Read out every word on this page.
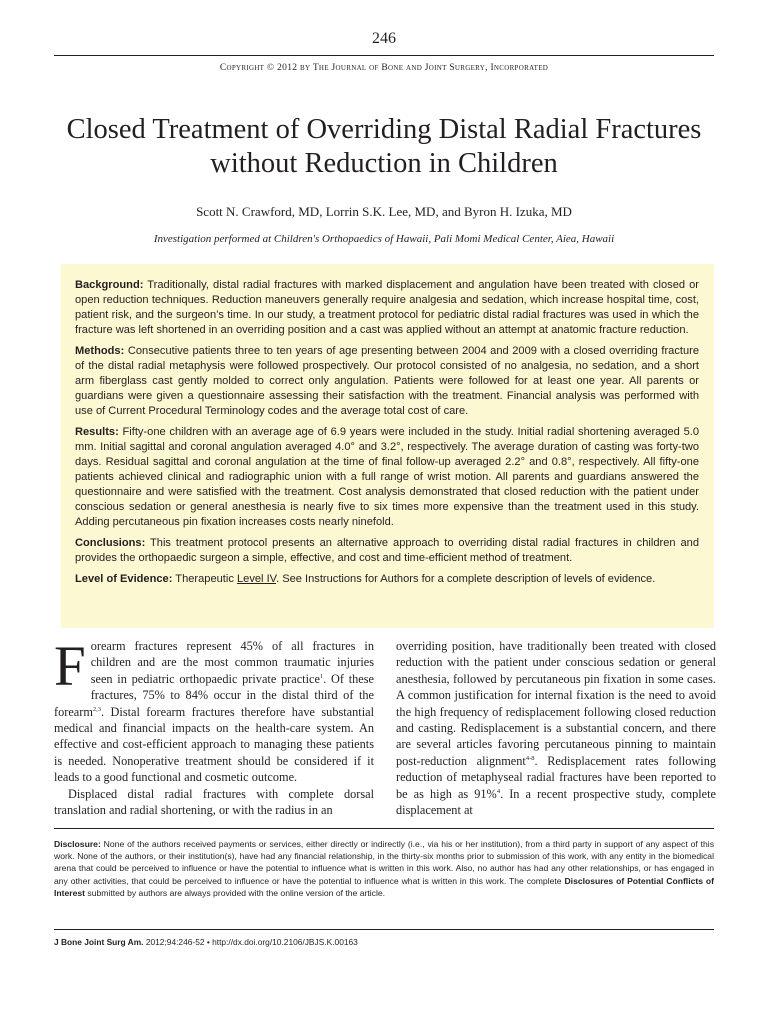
246
Copyright © 2012 by The Journal of Bone and Joint Surgery, Incorporated
Closed Treatment of Overriding Distal Radial Fractures without Reduction in Children
Scott N. Crawford, MD, Lorrin S.K. Lee, MD, and Byron H. Izuka, MD
Investigation performed at Children's Orthopaedics of Hawaii, Pali Momi Medical Center, Aiea, Hawaii

Background: Traditionally, distal radial fractures with marked displacement and angulation have been treated with closed or open reduction techniques. Reduction maneuvers generally require analgesia and sedation, which increase hospital time, cost, patient risk, and the surgeon’s time. In our study, a treatment protocol for pediatric distal radial fractures was used in which the fracture was left shortened in an overriding position and a cast was applied without an attempt at anatomic fracture reduction.

Methods: Consecutive patients three to ten years of age presenting between 2004 and 2009 with a closed overriding fracture of the distal radial metaphysis were followed prospectively. Our protocol consisted of no analgesia, no sedation, and a short arm fiberglass cast gently molded to correct only angulation. Patients were followed for at least one year. All parents or guardians were given a questionnaire assessing their satisfaction with the treatment. Financial analysis was performed with use of Current Procedural Terminology codes and the average total cost of care.

Results: Fifty-one children with an average age of 6.9 years were included in the study. Initial radial shortening averaged 5.0 mm. Initial sagittal and coronal angulation averaged 4.0° and 3.2°, respectively. The average duration of casting was forty-two days. Residual sagittal and coronal angulation at the time of final follow-up averaged 2.2° and 0.8°, respectively. All fifty-one patients achieved clinical and radiographic union with a full range of wrist motion. All parents and guardians answered the questionnaire and were satisfied with the treatment. Cost analysis demonstrated that closed reduction with the patient under conscious sedation or general anesthesia is nearly five to six times more expensive than the treatment used in this study. Adding percutaneous pin fixation increases costs nearly ninefold.

Conclusions: This treatment protocol presents an alternative approach to overriding distal radial fractures in children and provides the orthopaedic surgeon a simple, effective, and cost and time-efficient method of treatment.

Level of Evidence: Therapeutic Level IV. See Instructions for Authors for a complete description of levels of evidence.

Forearm fractures represent 45% of all fractures in children and are the most common traumatic injuries seen in pediatric orthopaedic private practice$^1$. Of these fractures, 75% to 84% occur in the distal third of the forearm$^{2,3}$. Distal forearm fractures therefore have substantial medical and financial impacts on the health-care system. An effective and cost-efficient approach to managing these patients is needed. Nonoperative treatment should be considered if it leads to a good functional and cosmetic outcome.

Displaced distal radial fractures with complete dorsal translation and radial shortening, or with the radius in an

overriding position, have traditionally been treated with closed reduction with the patient under conscious sedation or general anesthesia, followed by percutaneous pin fixation in some cases. A common justification for internal fixation is the need to avoid the high frequency of redisplacement following closed reduction and casting. Redisplacement is a substantial concern, and there are several articles favoring percutaneous pinning to maintain post-reduction alignment$^{4-8}$. Redisplacement rates following reduction of metaphyseal radial fractures have been reported to be as high as 91%$^4$. In a recent prospective study, complete displacement at

Disclosure: None of the authors received payments or services, either directly or indirectly (i.e., via his or her institution), from a third party in support of any aspect of this work. None of the authors, or their institution(s), have had any financial relationship, in the thirty-six months prior to submission of this work, with any entity in the biomedical arena that could be perceived to influence or have the potential to influence what is written in this work. Also, no author has had any other relationships, or has engaged in any other activities, that could be perceived to influence or have the potential to influence what is written in this work. The complete Disclosures of Potential Conflicts of Interest submitted by authors are always provided with the online version of the article.
J Bone Joint Surg Am. 2012;94:246-52 • http://dx.doi.org/10.2106/JBJS.K.00163
